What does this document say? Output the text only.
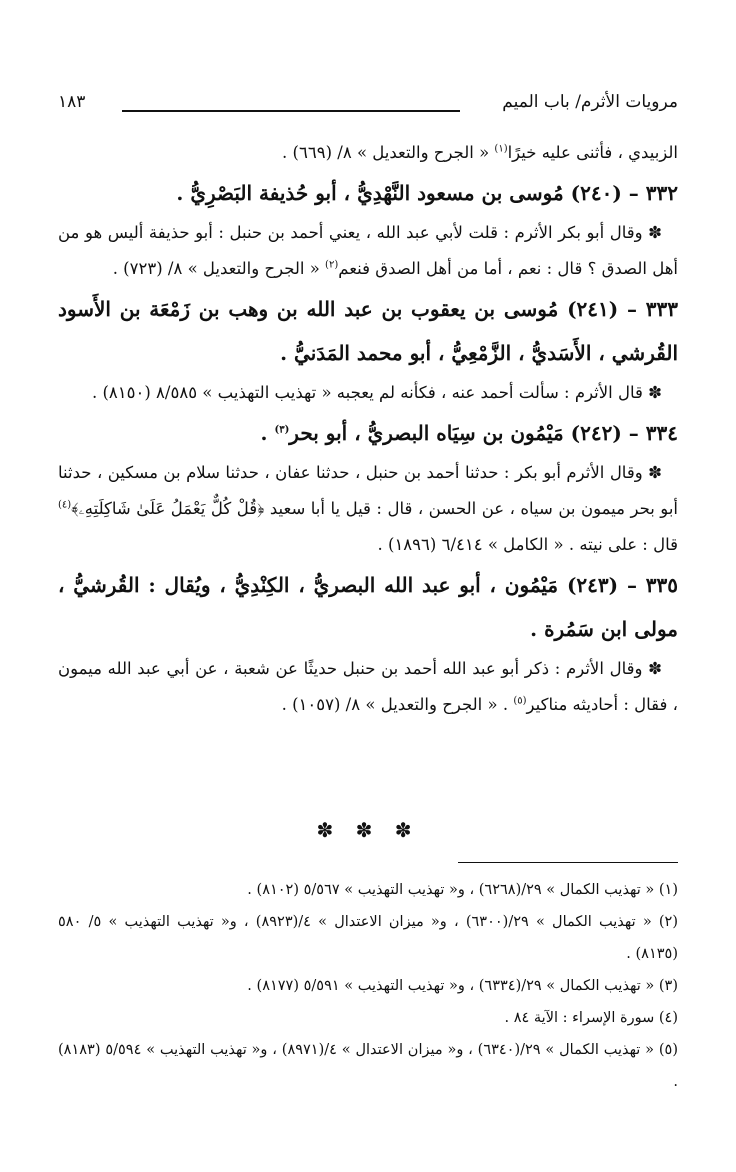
مرويات الأثرم/ باب الميم
١٨٣

الزبيدي ، فأثنى عليه خيرًا$^{(١)}$ « الجرح والتعديل » ٨/ (٦٦٩) .

٣٣٢ – (٢٤٠) مُوسى بن مسعود النَّهْدِيُّ ، أبو حُذيفة البَصْرِيُّ .

✽ وقال أبو بكر الأثرم : قلت لأبي عبد الله ، يعني أحمد بن حنبل : أبو حذيفة أليس هو من أهل الصدق ؟ قال : نعم ، أما من أهل الصدق فنعم$^{(٢)}$ « الجرح والتعديل » ٨/ (٧٢٣) .

٣٣٣ – (٢٤١) مُوسى بن يعقوب بن عبد الله بن وهب بن زَمْعَة بن الأَسود القُرشي ، الأَسَديُّ ، الزَّمْعِيُّ ، أبو محمد المَدَنيُّ .

✽ قال الأثرم : سألت أحمد عنه ، فكأنه لم يعجبه « تهذيب التهذيب » ٨/٥٨٥ (٨١٥٠) .

٣٣٤ – (٢٤٢) مَيْمُون بن سِيَاه البصريُّ ، أبو بحر$^{(٣)}$ .

✽ وقال الأثرم أبو بكر : حدثنا أحمد بن حنبل ، حدثنا عفان ، حدثنا سلام بن مسكين ، حدثنا أبو بحر ميمون بن سياه ، عن الحسن ، قال : قيل يا أبا سعيد ﴿قُلْ كُلٌّ يَعْمَلُ عَلَىٰ شَاكِلَتِهِۦ﴾$^{(٤)}$ قال : على نيته . « الكامل » ٦/٤١٤ (١٨٩٦) .

٣٣٥ – (٢٤٣) مَيْمُون ، أبو عبد الله البصريُّ ، الكِنْدِيُّ ، ويُقال : القُرشيُّ ، مولى ابن سَمُرة .

✽ وقال الأثرم : ذكر أبو عبد الله أحمد بن حنبل حديثًا عن شعبة ، عن أبي عبد الله ميمون ، فقال : أحاديثه مناكير$^{(٥)}$ . « الجرح والتعديل » ٨/ (١٠٥٧) .

✽ ✽ ✽

(١) « تهذيب الكمال » ٢٩/(٦٢٦٨) ، و« تهذيب التهذيب » ٥/٥٦٧ (٨١٠٢) .

(٢) « تهذيب الكمال » ٢٩/(٦٣٠٠) ، و« ميزان الاعتدال » ٤/(٨٩٢٣) ، و« تهذيب التهذيب » ٥/ ٥٨٠ (٨١٣٥) .

(٣) « تهذيب الكمال » ٢٩/(٦٣٣٤) ، و« تهذيب التهذيب » ٥/٥٩١ (٨١٧٧) .

(٤) سورة الإسراء : الآية ٨٤ .

(٥) « تهذيب الكمال » ٢٩/(٦٣٤٠) ، و« ميزان الاعتدال » ٤/(٨٩٧١) ، و« تهذيب التهذيب » ٥/٥٩٤ (٨١٨٣) .
